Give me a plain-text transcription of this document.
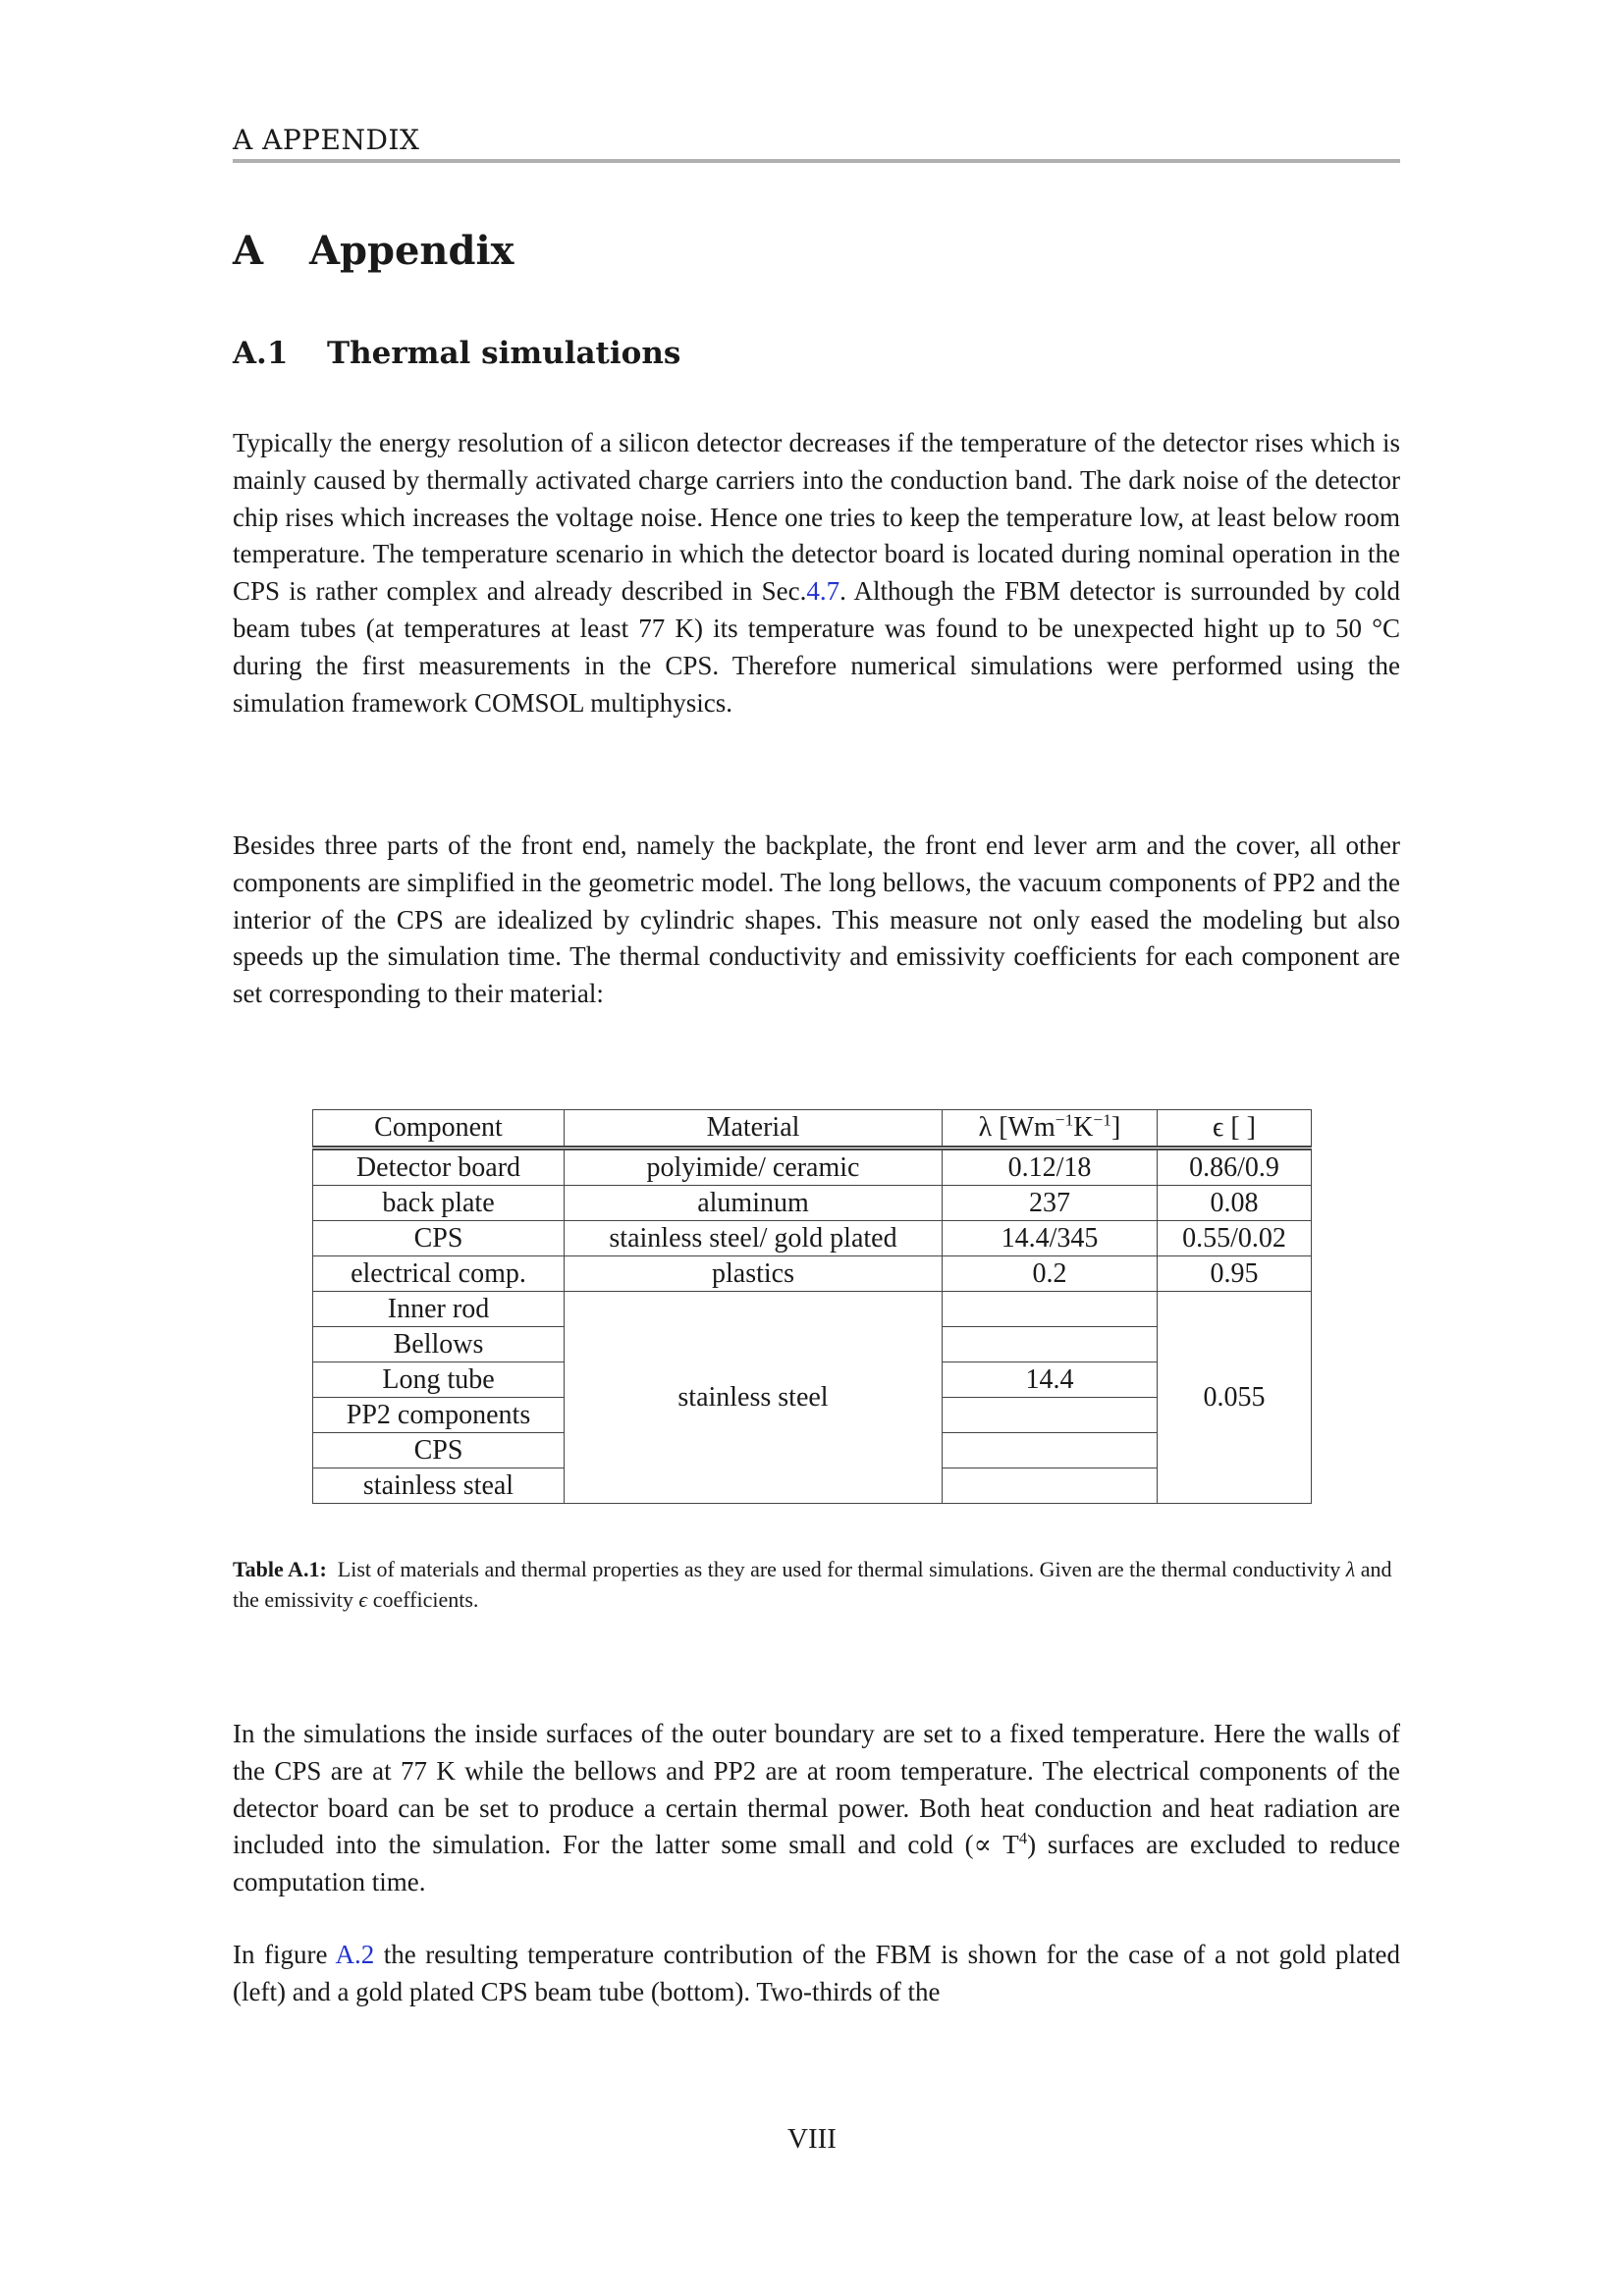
A APPENDIX
A Appendix
A.1 Thermal simulations

Typically the energy resolution of a silicon detector decreases if the temperature of the detector rises which is mainly caused by thermally activated charge carriers into the conduction band. The dark noise of the detector chip rises which increases the voltage noise. Hence one tries to keep the temperature low, at least below room temperature. The temperature scenario in which the detector board is located during nominal operation in the CPS is rather complex and already described in Sec.4.7. Although the FBM detector is surrounded by cold beam tubes (at temperatures at least 77 K) its temperature was found to be unexpected hight up to 50 °C during the first measurements in the CPS. Therefore numerical simulations were performed using the simulation framework COMSOL multiphysics.

Besides three parts of the front end, namely the backplate, the front end lever arm and the cover, all other components are simplified in the geometric model. The long bellows, the vacuum components of PP2 and the interior of the CPS are idealized by cylindric shapes. This measure not only eased the modeling but also speeds up the simulation time. The thermal conductivity and emissivity coefficients for each component are set corresponding to their material:

Component	Material	λ $[Wm^{-1}K^{-1}]$	ϵ [ ]
Detector board	polyimide/ ceramic	0.12/18	0.86/0.9
back plate	aluminum	237	0.08
CPS	stainless steel/ gold plated	14.4/345	0.55/0.02
electrical comp.	plastics	0.2	0.95
Inner rod	stainless steel		0.055
Bellows			
Long tube		14.4	
PP2 components			
CPS			
stainless steal			

Table A.1: List of materials and thermal properties as they are used for thermal simulations. Given are the thermal conductivity λ and the emissivity ϵ coefficients.

In the simulations the inside surfaces of the outer boundary are set to a fixed temperature. Here the walls of the CPS are at 77 K while the bellows and PP2 are at room temperature. The electrical components of the detector board can be set to produce a certain thermal power. Both heat conduction and heat radiation are included into the simulation. For the latter some small and cold (∝ $T^4$) surfaces are excluded to reduce computation time.

In figure A.2 the resulting temperature contribution of the FBM is shown for the case of a not gold plated (left) and a gold plated CPS beam tube (bottom). Two-thirds of the

VIII
